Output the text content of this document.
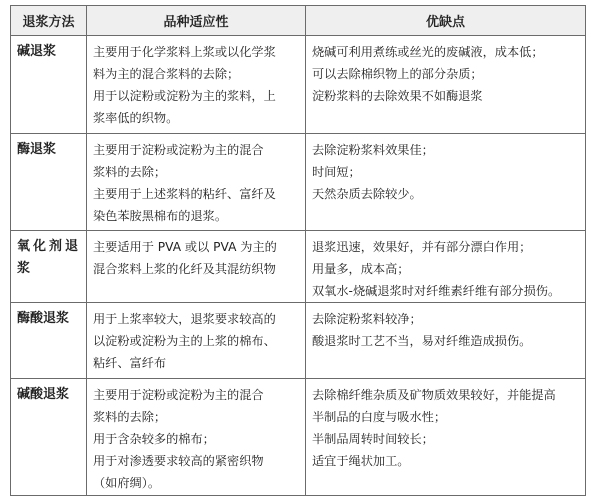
退浆方法	品种适应性	优缺点
碱退浆	主要用于化学浆料上浆或以化学浆
料为主的混合浆料的去除；
用于以淀粉或淀粉为主的浆料，上
浆率低的织物。	烧碱可利用煮练或丝光的废碱液，成本低；
可以去除棉织物上的部分杂质；
淀粉浆料的去除效果不如酶退浆

酶退浆	主要用于淀粉或淀粉为主的混合
浆料的去除；
主要用于上述浆料的粘纤、富纤及
染色苯胺黑棉布的退浆。	去除淀粉浆料效果佳；
时间短；
天然杂质去除较少。

氧化剂退
浆	主要适用于 PVA 或以 PVA 为主的
混合浆料上浆的化纤及其混纺织物	退浆迅速，效果好，并有部分漂白作用；
用量多，成本高；
双氧水-烧碱退浆时对纤维素纤维有部分损伤。

酶酸退浆	用于上浆率较大，退浆要求较高的
以淀粉或淀粉为主的上浆的棉布、
粘纤、富纤布	去除淀粉浆料较净；
酸退浆时工艺不当，易对纤维造成损伤。

碱酸退浆	主要用于淀粉或淀粉为主的混合
浆料的去除；
用于含杂较多的棉布；
用于对渗透要求较高的紧密织物
（如府绸）。	去除棉纤维杂质及矿物质效果较好，并能提高
半制品的白度与吸水性；
半制品周转时间较长；
适宜于绳状加工。
